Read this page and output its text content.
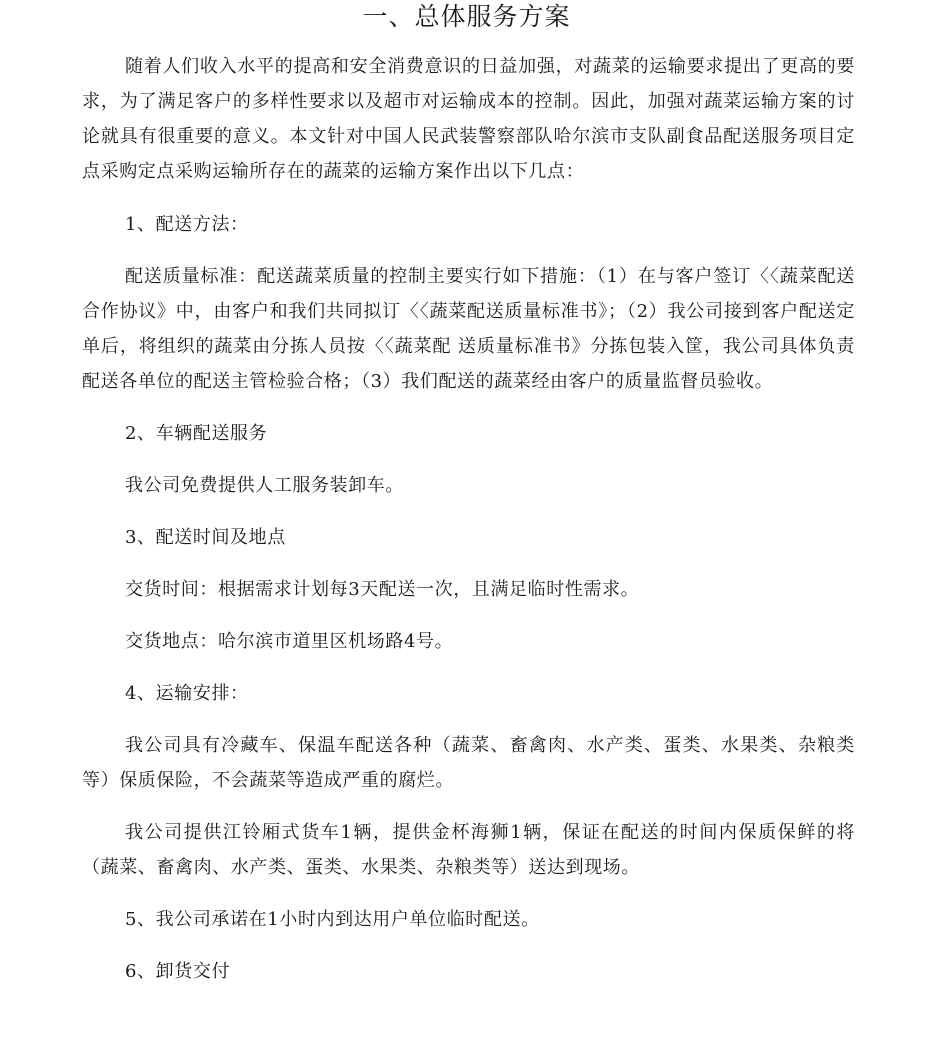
一、总体服务方案

随着人们收入水平的提高和安全消费意识的日益加强，对蔬菜的运输要求提出了更高的要求，为了满足客户的多样性要求以及超市对运输成本的控制。因此，加强对蔬菜运输方案的讨论就具有很重要的意义。本文针对中国人民武装警察部队哈尔滨市支队副食品配送服务项目定点采购定点采购运输所存在的蔬菜的运输方案作出以下几点：

1、配送方法：

配送质量标准：配送蔬菜质量的控制主要实行如下措施：（1）在与客户签订〈〈蔬菜配送合作协议》中，由客户和我们共同拟订〈〈蔬菜配送质量标准书》；（2）我公司接到客户配送定单后，将组织的蔬菜由分拣人员按〈〈蔬菜配 送质量标准书》分拣包装入筐，我公司具体负责配送各单位的配送主管检验合格；（3）我们配送的蔬菜经由客户的质量监督员验收。

2、车辆配送服务

我公司免费提供人工服务装卸车。

3、配送时间及地点

交货时间：根据需求计划每3天配送一次，且满足临时性需求。

交货地点：哈尔滨市道里区机场路4号。

4、运输安排：

我公司具有冷藏车、保温车配送各种（蔬菜、畜禽肉、水产类、蛋类、水果类、杂粮类等）保质保险，不会蔬菜等造成严重的腐烂。

我公司提供江铃厢式货车1辆，提供金杯海狮1辆，保证在配送的时间内保质保鲜的将（蔬菜、畜禽肉、水产类、蛋类、水果类、杂粮类等）送达到现场。

5、我公司承诺在1小时内到达用户单位临时配送。

6、卸货交付
